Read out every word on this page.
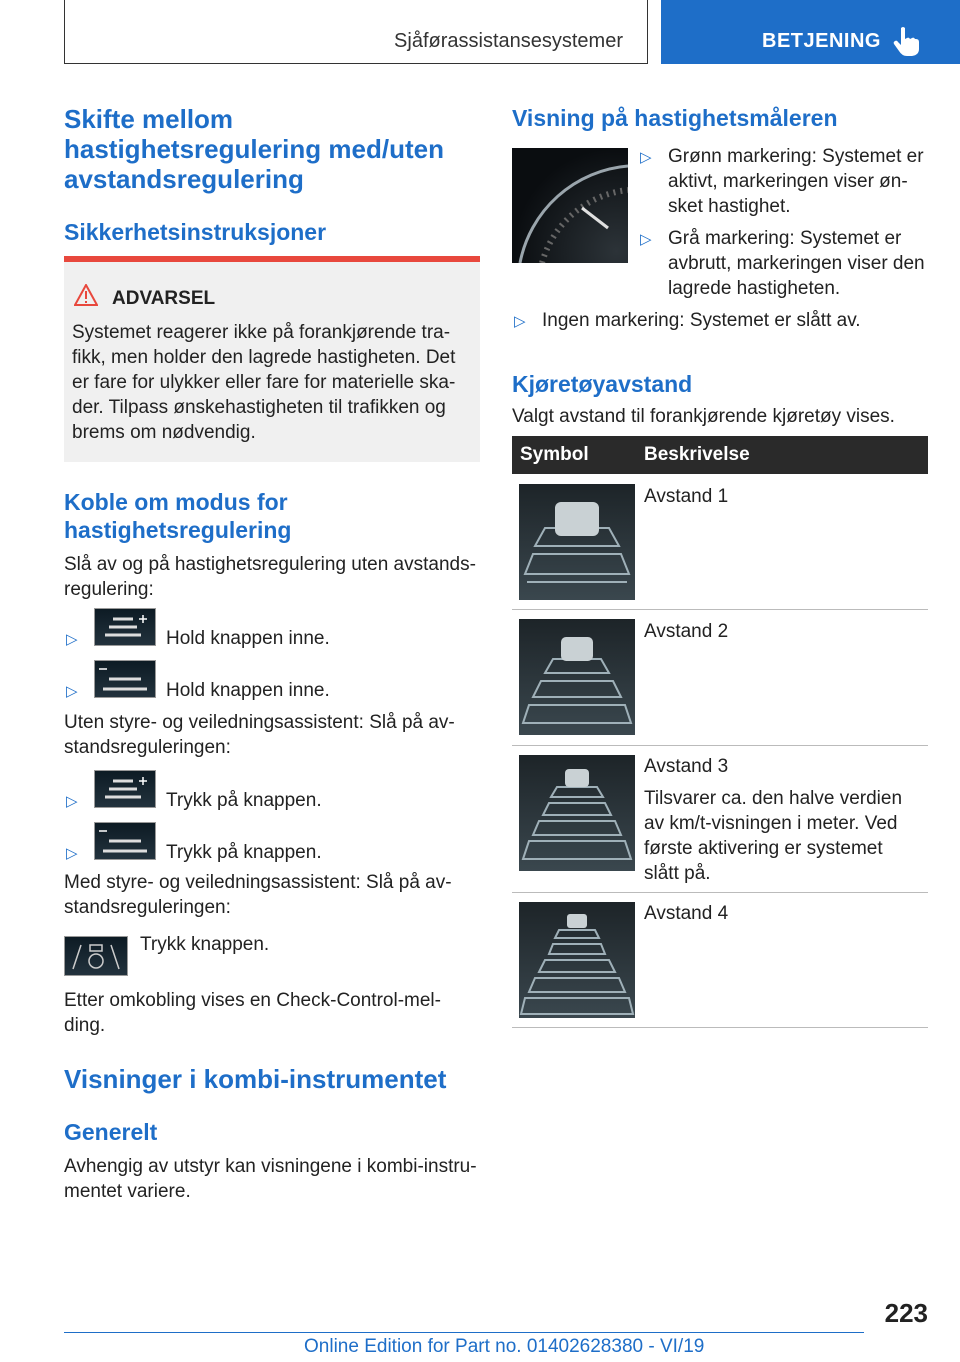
Sjåførassistansesystemer	BETJENING
Skifte mellom
hastighetsregulering med/uten
avstandsregulering
Sikkerhetsinstruksjoner
ADVARSEL
Systemet reagerer ikke på forankjørende tra-
fikk, men holder den lagrede hastigheten. Det
er fare for ulykker eller fare for materielle ska-
der. Tilpass ønskehastigheten til trafikken og
brems om nødvendig.
Koble om modus for
hastighetsregulering
Slå av og på hastighetsregulering uten avstands-
regulering:
▷	Hold knappen inne.
▷	Hold knappen inne.
Uten styre- og veiledningsassistent: Slå på av-
standsreguleringen:
▷	Trykk på knappen.
▷	Trykk på knappen.
Med styre- og veiledningsassistent: Slå på av-
standsreguleringen:
Trykk knappen.
Etter omkobling vises en Check-Control-mel-
ding.
Visninger i kombi-instrumentet
Generelt
Avhengig av utstyr kan visningene i kombi-instru-
mentet variere.
Visning på hastighetsmåleren
▷ Grønn markering: Systemet er
aktivt, markeringen viser øn-
sket hastighet.
▷ Grå markering: Systemet er
avbrutt, markeringen viser den
lagrede hastigheten.
▷ Ingen markering: Systemet er slått av.
Kjøretøyavstand
Valgt avstand til forankjørende kjøretøy vises.
Symbol	Beskrivelse
Avstand 1
Avstand 2
Avstand 3
Tilsvarer ca. den halve verdien
av km/t-visningen i meter. Ved
første aktivering er systemet
slått på.
Avstand 4
223
Online Edition for Part no. 01402628380 - VI/19
